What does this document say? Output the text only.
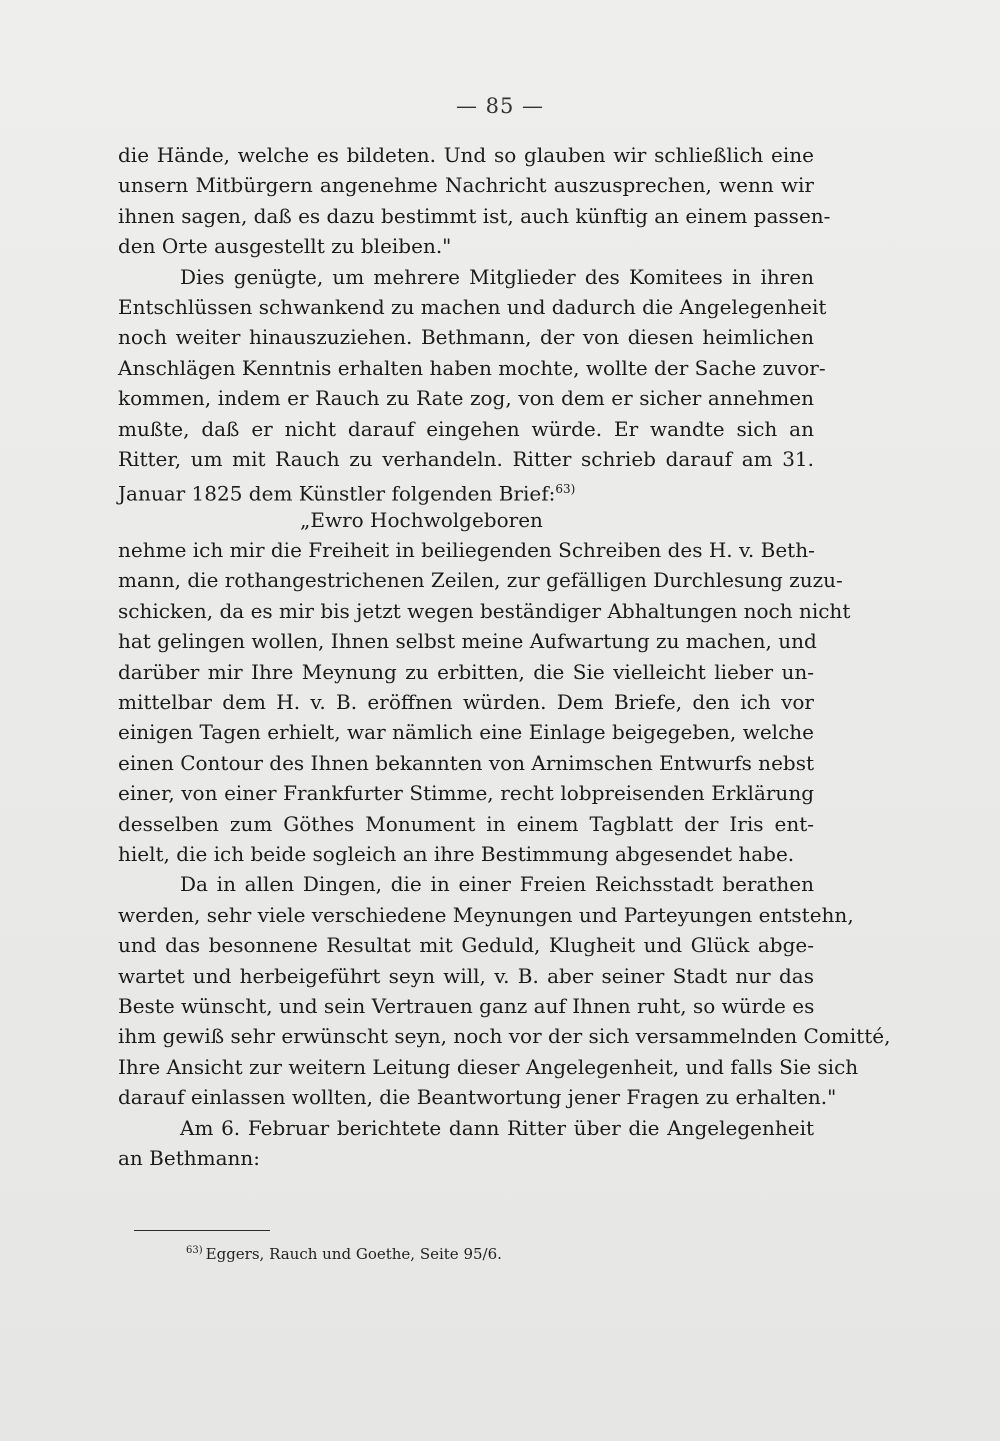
— 85 —
die Hände, welche es bildeten. Und so glauben wir schließlich eine
unsern Mitbürgern angenehme Nachricht auszusprechen, wenn wir
ihnen sagen, daß es dazu bestimmt ist, auch künftig an einem passen-
den Orte ausgestellt zu bleiben."
Dies genügte, um mehrere Mitglieder des Komitees in ihren
Entschlüssen schwankend zu machen und dadurch die Angelegenheit
noch weiter hinauszuziehen. Bethmann, der von diesen heimlichen
Anschlägen Kenntnis erhalten haben mochte, wollte der Sache zuvor-
kommen, indem er Rauch zu Rate zog, von dem er sicher annehmen
mußte, daß er nicht darauf eingehen würde. Er wandte sich an
Ritter, um mit Rauch zu verhandeln. Ritter schrieb darauf am 31.
Januar 1825 dem Künstler folgenden Brief:$^{63)}$
„Ewro Hochwolgeboren
nehme ich mir die Freiheit in beiliegenden Schreiben des H. v. Beth-
mann, die rothangestrichenen Zeilen, zur gefälligen Durchlesung zuzu-
schicken, da es mir bis jetzt wegen beständiger Abhaltungen noch nicht
hat gelingen wollen, Ihnen selbst meine Aufwartung zu machen, und
darüber mir Ihre Meynung zu erbitten, die Sie vielleicht lieber un-
mittelbar dem H. v. B. eröffnen würden. Dem Briefe, den ich vor
einigen Tagen erhielt, war nämlich eine Einlage beigegeben, welche
einen Contour des Ihnen bekannten von Arnimschen Entwurfs nebst
einer, von einer Frankfurter Stimme, recht lobpreisenden Erklärung
desselben zum Göthes Monument in einem Tagblatt der Iris ent-
hielt, die ich beide sogleich an ihre Bestimmung abgesendet habe.
Da in allen Dingen, die in einer Freien Reichsstadt berathen
werden, sehr viele verschiedene Meynungen und Parteyungen entstehn,
und das besonnene Resultat mit Geduld, Klugheit und Glück abge-
wartet und herbeigeführt seyn will, v. B. aber seiner Stadt nur das
Beste wünscht, und sein Vertrauen ganz auf Ihnen ruht, so würde es
ihm gewiß sehr erwünscht seyn, noch vor der sich versammelnden Comitté,
Ihre Ansicht zur weitern Leitung dieser Angelegenheit, und falls Sie sich
darauf einlassen wollten, die Beantwortung jener Fragen zu erhalten."
Am 6. Februar berichtete dann Ritter über die Angelegenheit
an Bethmann:
$^{63)}$ Eggers, Rauch und Goethe, Seite 95/6.
